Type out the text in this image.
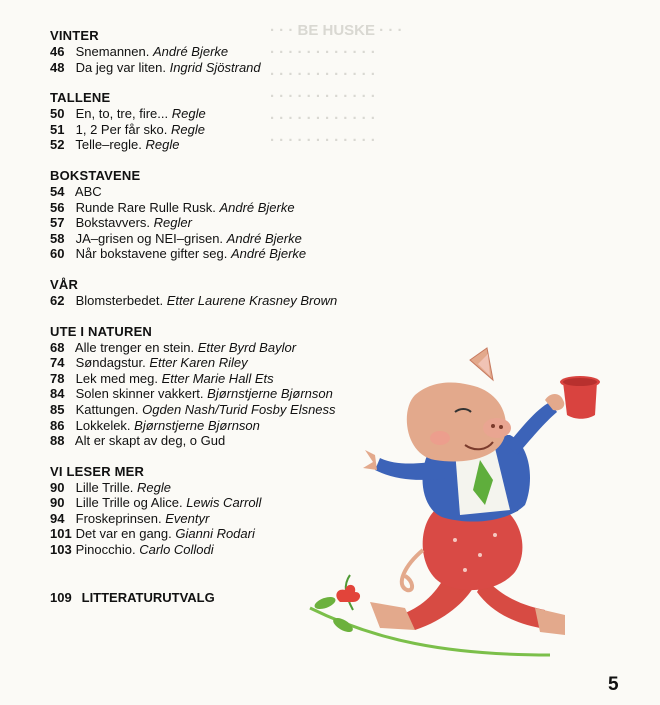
· · · BE HUSKE · · ·
· · · · · · · · · · · ·
· · · · · · · · · · · ·
· · · · · · · · · · · ·
· · · · · · · · · · · ·
· · · · · · · · · · · ·
VINTER
46 Snemannen. André Bjerke
48 Da jeg var liten. Ingrid Sjöstrand
TALLENE
50 En, to, tre, fire... Regle
51 1, 2 Per får sko. Regle
52 Telle–regle. Regle
BOKSTAVENE
54 ABC
56 Runde Rare Rulle Rusk. André Bjerke
57 Bokstavvers. Regler
58 JA–grisen og NEI–grisen. André Bjerke
60 Når bokstavene gifter seg. André Bjerke
VÅR
62 Blomsterbedet. Etter Laurene Krasney Brown
UTE I NATUREN
68 Alle trenger en stein. Etter Byrd Baylor
74 Søndagstur. Etter Karen Riley
78 Lek med meg. Etter Marie Hall Ets
84 Solen skinner vakkert. Bjørnstjerne Bjørnson
85 Kattungen. Ogden Nash/Turid Fosby Elsness
86 Lokkelek. Bjørnstjerne Bjørnson
88 Alt er skapt av deg, o Gud
VI LESER MER
90 Lille Trille. Regle
90 Lille Trille og Alice. Lewis Carroll
94 Froskeprinsen. Eventyr
101 Det var en gang. Gianni Rodari
103 Pinocchio. Carlo Collodi
109 LITTERATURUTVALG
5
